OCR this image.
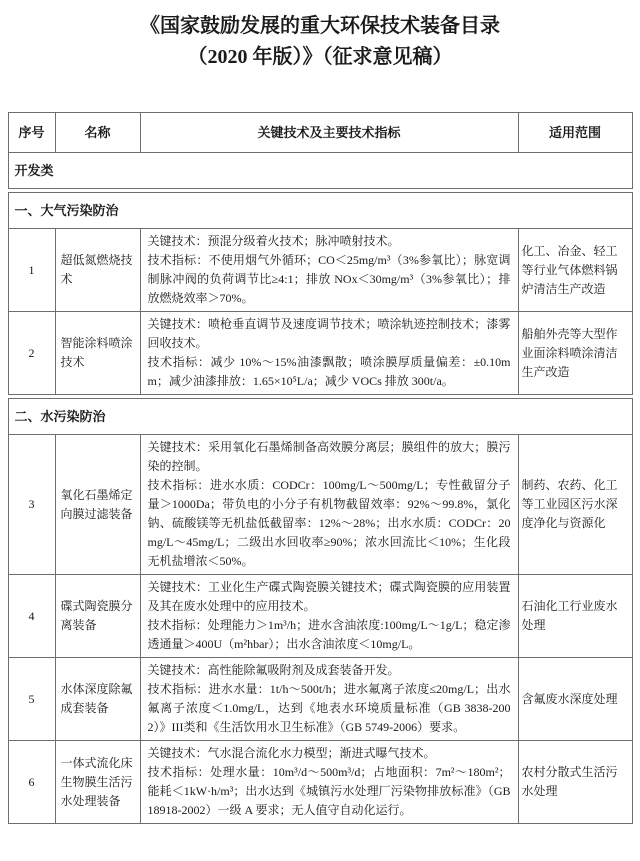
《国家鼓励发展的重大环保技术装备目录
（2020 年版）》（征求意见稿）
序号	名称	关键技术及主要技术指标	适用范围
开发类			

一、大气污染防治			
1	超低氮燃烧技术	关键技术：预混分级着火技术；脉冲喷射技术。
技术指标：不使用烟气外循环；CO＜25mg/m³（3%参氧比）；脉宽调制脉冲阀的负荷调节比≥4:1；排放 NOx＜30mg/m³（3%参氧比）；排放燃烧效率＞70%。	化工、冶金、轻工等行业气体燃料锅炉清洁生产改造
2	智能涂料喷涂技术	关键技术：喷枪垂直调节及速度调节技术；喷涂轨迹控制技术；漆雾回收技术。
技术指标：减少 10%～15%油漆飘散；喷涂膜厚质量偏差：±0.10mm；减少油漆排放：1.65×10⁵L/a；减少 VOCs 排放 300t/a。	船舶外壳等大型作业面涂料喷涂清洁生产改造

二、水污染防治			
3	氧化石墨烯定向膜过滤装备	关键技术：采用氧化石墨烯制备高效膜分离层；膜组件的放大；膜污染的控制。
技术指标：进水水质：CODCr：100mg/L～500mg/L；专性截留分子量＞1000Da；带负电的小分子有机物截留效率：92%～99.8%，氯化钠、硫酸镁等无机盐低截留率：12%～28%；出水水质：CODCr：20mg/L～45mg/L；二级出水回收率≥90%；浓水回流比＜10%；生化段无机盐增浓＜50%。	制药、农药、化工等工业园区污水深度净化与资源化
4	碟式陶瓷膜分离装备	关键技术：工业化生产碟式陶瓷膜关键技术；碟式陶瓷膜的应用装置及其在废水处理中的应用技术。
技术指标：处理能力＞1m³/h；进水含油浓度:100mg/L～1g/L；稳定渗透通量＞400U（m²hbar）；出水含油浓度＜10mg/L。	石油化工行业废水处理
5	水体深度除氟成套装备	关键技术：高性能除氟吸附剂及成套装备开发。
技术指标：进水水量：1t/h～500t/h；进水氟离子浓度≤20mg/L；出水氟离子浓度＜1.0mg/L，达到《地表水环境质量标准（GB 3838-2002）》III类和《生活饮用水卫生标准》（GB 5749-2006）要求。	含氟废水深度处理
6	一体式流化床生物膜生活污水处理装备	关键技术：气水混合流化水力模型；渐进式曝气技术。
技术指标：处理水量：10m³/d～500m³/d；占地面积：7m²～180m²；能耗＜1kW·h/m³；出水达到《城镇污水处理厂污染物排放标准》（GB 18918-2002）一级 A 要求；无人值守自动化运行。	农村分散式生活污水处理
